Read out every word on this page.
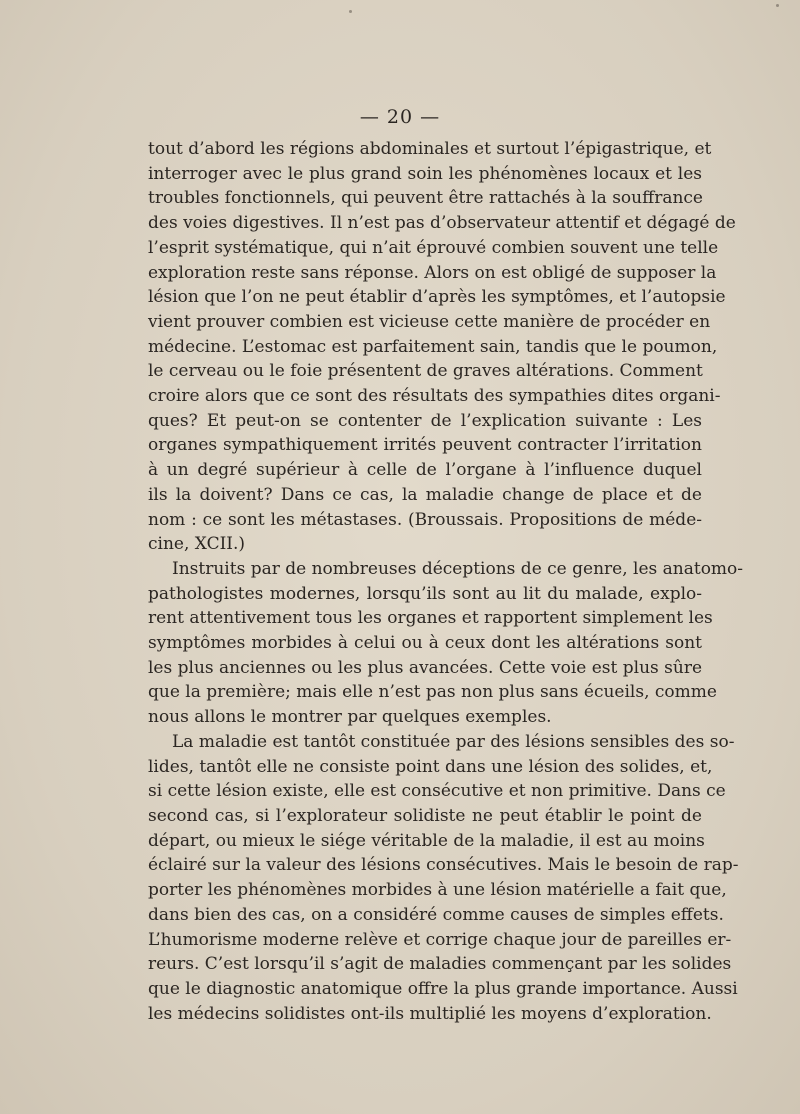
— 20 —
tout d’abord les régions abdominales et surtout l’épigastrique, et
interroger avec le plus grand soin les phénomènes locaux et les
troubles fonctionnels, qui peuvent être rattachés à la souffrance
des voies digestives. Il n’est pas d’observateur attentif et dégagé de
l’esprit systématique, qui n’ait éprouvé combien souvent une telle
exploration reste sans réponse. Alors on est obligé de supposer la
lésion que l’on ne peut établir d’après les symptômes, et l’autopsie
vient prouver combien est vicieuse cette manière de procéder en
médecine. L’estomac est parfaitement sain, tandis que le poumon,
le cerveau ou le foie présentent de graves altérations. Comment
croire alors que ce sont des résultats des sympathies dites organi-
ques? Et peut-on se contenter de l’explication suivante : Les
organes sympathiquement irrités peuvent contracter l’irritation
à un degré supérieur à celle de l’organe à l’influence duquel
ils la doivent? Dans ce cas, la maladie change de place et de
nom : ce sont les métastases. (Broussais. Propositions de méde-
cine, XCII.)
Instruits par de nombreuses déceptions de ce genre, les anatomo-
pathologistes modernes, lorsqu’ils sont au lit du malade, explo-
rent attentivement tous les organes et rapportent simplement les
symptômes morbides à celui ou à ceux dont les altérations sont
les plus anciennes ou les plus avancées. Cette voie est plus sûre
que la première; mais elle n’est pas non plus sans écueils, comme
nous allons le montrer par quelques exemples.
La maladie est tantôt constituée par des lésions sensibles des so-
lides, tantôt elle ne consiste point dans une lésion des solides, et,
si cette lésion existe, elle est consécutive et non primitive. Dans ce
second cas, si l’explorateur solidiste ne peut établir le point de
départ, ou mieux le siége véritable de la maladie, il est au moins
éclairé sur la valeur des lésions consécutives. Mais le besoin de rap-
porter les phénomènes morbides à une lésion matérielle a fait que,
dans bien des cas, on a considéré comme causes de simples effets.
L’humorisme moderne relève et corrige chaque jour de pareilles er-
reurs. C’est lorsqu’il s’agit de maladies commençant par les solides
que le diagnostic anatomique offre la plus grande importance. Aussi
les médecins solidistes ont-ils multiplié les moyens d’exploration.
